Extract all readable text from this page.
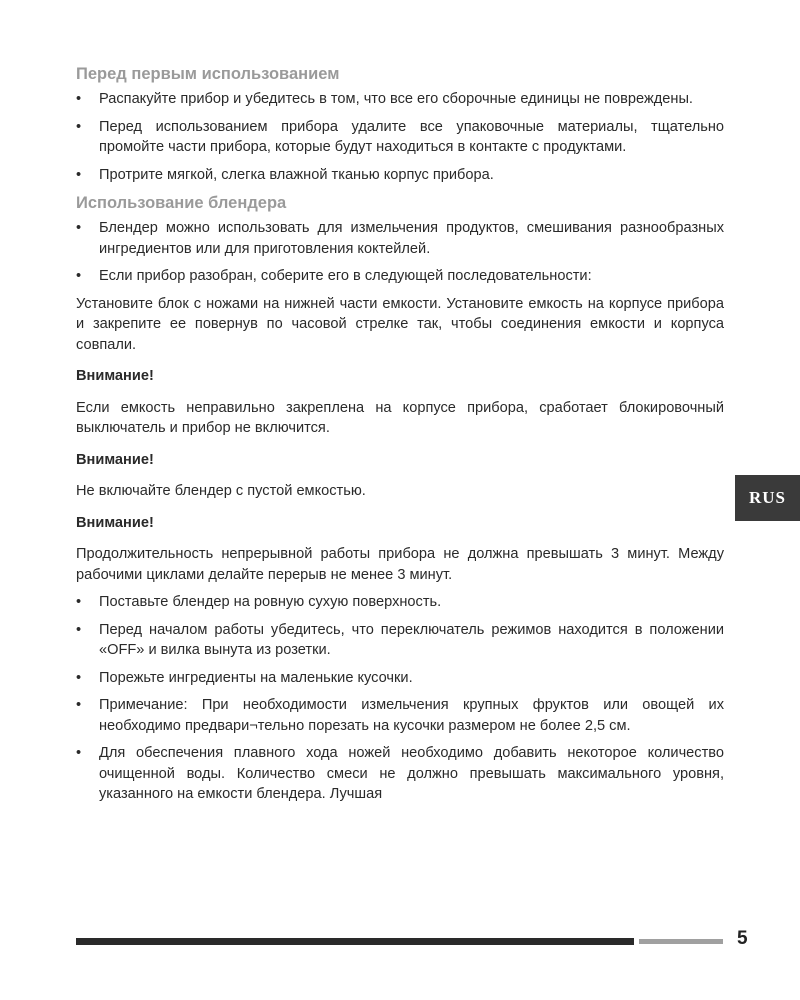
Перед первым использованием
• Распакуйте прибор и убедитесь в том, что все его сборочные единицы не повреждены.
• Перед использованием прибора удалите все упаковочные материалы, тщательно промойте части прибора, которые будут находиться в контакте с продуктами.
• Протрите мягкой, слегка влажной тканью корпус прибора.
Использование блендера
• Блендер можно использовать для измельчения продуктов, смешивания разнообразных ингредиентов или для приготовления коктейлей.
• Если прибор разобран, соберите его в следующей последовательности:

Установите блок с ножами на нижней части емкости. Установите емкость на корпусе прибора и закрепите ее повернув по часовой стрелке так, чтобы соединения емкости и корпуса совпали.

Внимание!

Если емкость неправильно закреплена на корпусе прибора, сработает блокировочный выключатель и прибор не включится.

Внимание!

Не включайте блендер с пустой емкостью.

Внимание!

Продолжительность непрерывной работы прибора не должна превышать 3 минут. Между рабочими циклами делайте перерыв не менее 3 минут.

• Поставьте блендер на ровную сухую поверхность.
• Перед началом работы убедитесь, что переключатель режимов находится в положении «OFF» и вилка вынута из розетки.
• Порежьте ингредиенты на маленькие кусочки.
• Примечание: При необходимости измельчения крупных фруктов или овощей их необходимо предвари¬тельно порезать на кусочки размером не более 2,5 см.
• Для обеспечения плавного хода ножей необходимо добавить некоторое количество очищенной воды. Количество смеси не должно превышать максимального уровня, указанного на емкости блендера. Лучшая
RUS
5
